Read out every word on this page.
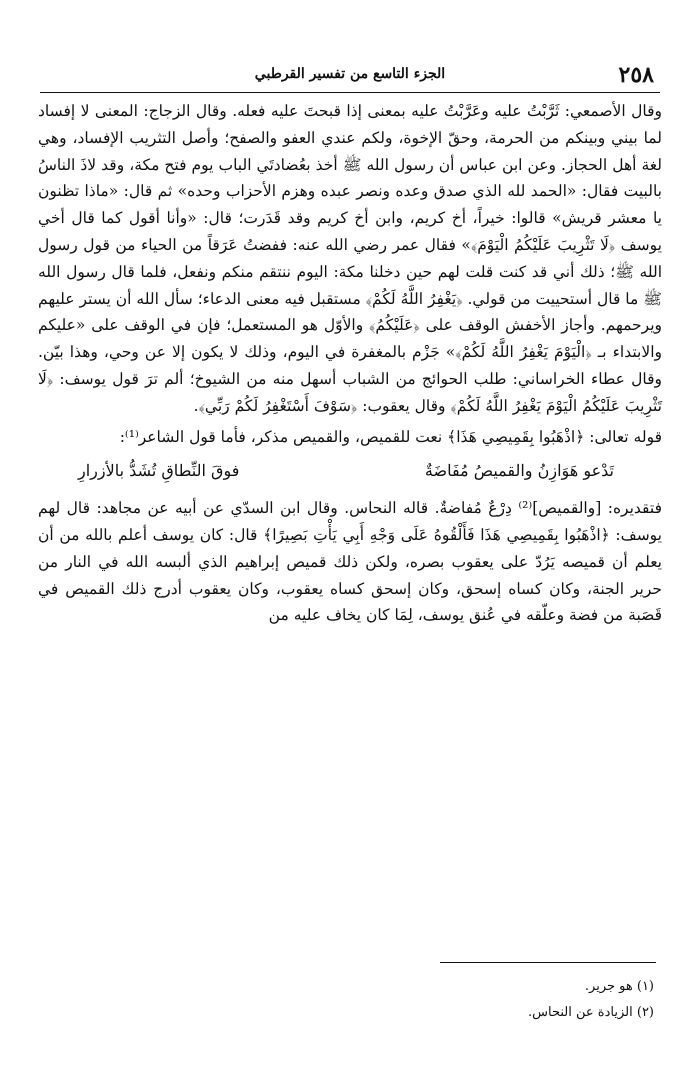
٢٥٨
الجزء التاسع من تفسير القرطبي

وقال الأصمعي: ثَرَّبْتُ عليه وعَرَّبْتُ عليه بمعنى إذا قبحتَ عليه فعله. وقال الزجاج: المعنى لا إفساد لما بيني وبينكم من الحرمة، وحقّ الإخوة، ولكم عندي العفو والصفح؛ وأصل التثريب الإفساد، وهي لغة أهل الحجاز. وعن ابن عباس أن رسول الله ﷺ أخذ بعُضادتَي الباب يوم فتح مكة، وقد لاذَ الناسُ بالبيت فقال: «الحمد لله الذي صدق وعده ونصر عبده وهزم الأحزاب وحده» ثم قال: «ماذا تظنون يا معشر قريش» قالوا: خيراً، أخ كريم، وابن أخ كريم وقد قَدَرت؛ قال: «وأنا أقول كما قال أخي يوسف ﴿لَا تَثْرِيبَ عَلَيْكُمُ الْيَوْمَ﴾» فقال عمر رضي الله عنه: ففضتُ عَرَقاً من الحياء من قول رسول الله ﷺ؛ ذلك أني قد كنت قلت لهم حين دخلنا مكة: اليوم ننتقم منكم ونفعل، فلما قال رسول الله ﷺ ما قال أستحييت من قولي. ﴿يَغْفِرُ اللَّهُ لَكُمْ﴾ مستقبل فيه معنى الدعاء؛ سأل الله أن يستر عليهم ويرحمهم. وأجاز الأخفش الوقف على ﴿عَلَيْكُمُ﴾ والأوّل هو المستعمل؛ فإن في الوقف على «عليكم والابتداء بـ ﴿الْيَوْمَ يَغْفِرُ اللَّهُ لَكُمْ﴾» جَزْم بالمغفرة في اليوم، وذلك لا يكون إلا عن وحي، وهذا بيّن. وقال عطاء الخراساني: طلب الحوائج من الشباب أسهل منه من الشيوخ؛ ألم ترَ قول يوسف: ﴿لَا تَثْرِيبَ عَلَيْكُمُ الْيَوْمَ يَغْفِرُ اللَّهُ لَكُمْ﴾ وقال يعقوب: ﴿سَوْفَ أَسْتَغْفِرُ لَكُمْ رَبِّي﴾.

قوله تعالى: ﴿اذْهَبُوا بِقَمِيصِي هَذَا﴾ نعت للقميص، والقميص مذكر، فأما قول الشاعر⁽¹⁾:

تَدْعو هَوَازِنُ والقميصُ مُفَاضَةٌ
فوقَ النِّطاقِ تُشَدُّ بالأزرارِ

فتقديره: [والقميص]⁽²⁾ دِرْعٌ مُفاضةٌ. قاله النحاس. وقال ابن السدّي عن أبيه عن مجاهد: قال لهم يوسف: ﴿اذْهَبُوا بِقَمِيصِي هَذَا فَأَلْقُوهُ عَلَى وَجْهِ أَبِي يَأْتِ بَصِيرًا﴾ قال: كان يوسف أعلم بالله من أن يعلم أن قميصه يَرُدّ على يعقوب بصره، ولكن ذلك قميص إبراهيم الذي ألبسه الله في النار من حرير الجنة، وكان كساه إسحق، وكان إسحق كساه يعقوب، وكان يعقوب أدرج ذلك القميص في قَصَبة من فضة وعلّقه في عُنق يوسف، لِمَا كان يخاف عليه من

(١) هو جرير.

(٢) الزيادة عن النحاس.
